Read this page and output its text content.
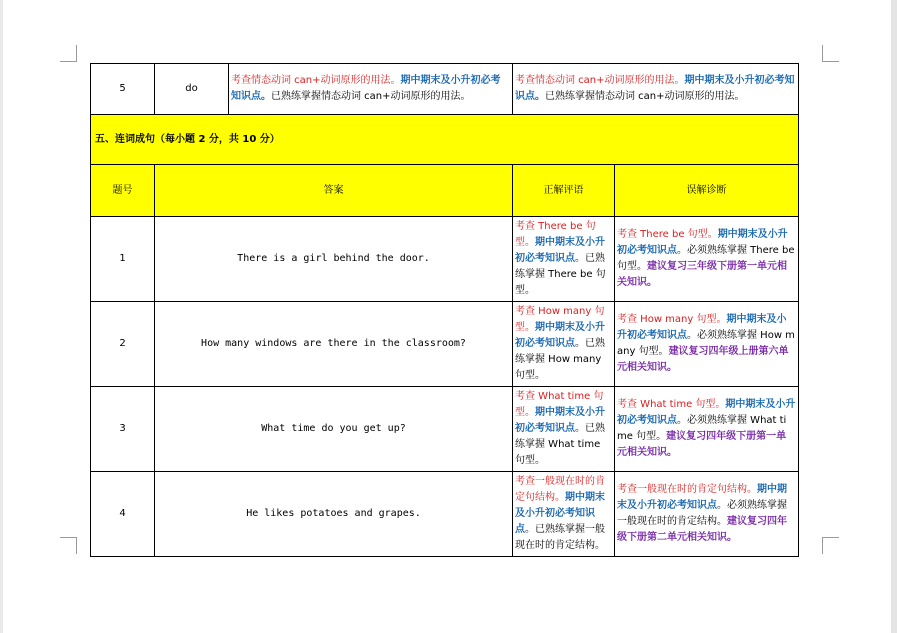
5	do	考查情态动词 can+动词原形的用法。期中期末及小升初必考知识点。已熟练掌握情态动词 can+动词原形的用法。	考查情态动词 can+动词原形的用法。期中期末及小升初必考知识点。已熟练掌握情态动词 can+动词原形的用法。	
五、连词成句（每小题 2 分，共 10 分）				
题号	答案		正解评语	误解诊断
1	There is a girl behind the door.		考查 There be 句型。期中期末及小升初必考知识点。已熟练掌握 There be 句型。	考查 There be 句型。期中期末及小升初必考知识点。必须熟练掌握 There be 句型。建议复习三年级下册第一单元相关知识。
2	How many windows are there in the classroom?		考查 How many 句型。期中期末及小升初必考知识点。已熟练掌握 How many 句型。	考查 How many 句型。期中期末及小升初必考知识点。必须熟练掌握 How many 句型。建议复习四年级上册第六单元相关知识。
3	What time do you get up?		考查 What time 句型。期中期末及小升初必考知识点。已熟练掌握 What time 句型。	考查 What time 句型。期中期末及小升初必考知识点。必须熟练掌握 What time 句型。建议复习四年级下册第一单元相关知识。
4	He likes potatoes and grapes.		考查一般现在时的肯定句结构。期中期末及小升初必考知识点。已熟练掌握一般现在时的肯定结构。	考查一般现在时的肯定句结构。期中期末及小升初必考知识点。必须熟练掌握一般现在时的肯定结构。建议复习四年级下册第二单元相关知识。
